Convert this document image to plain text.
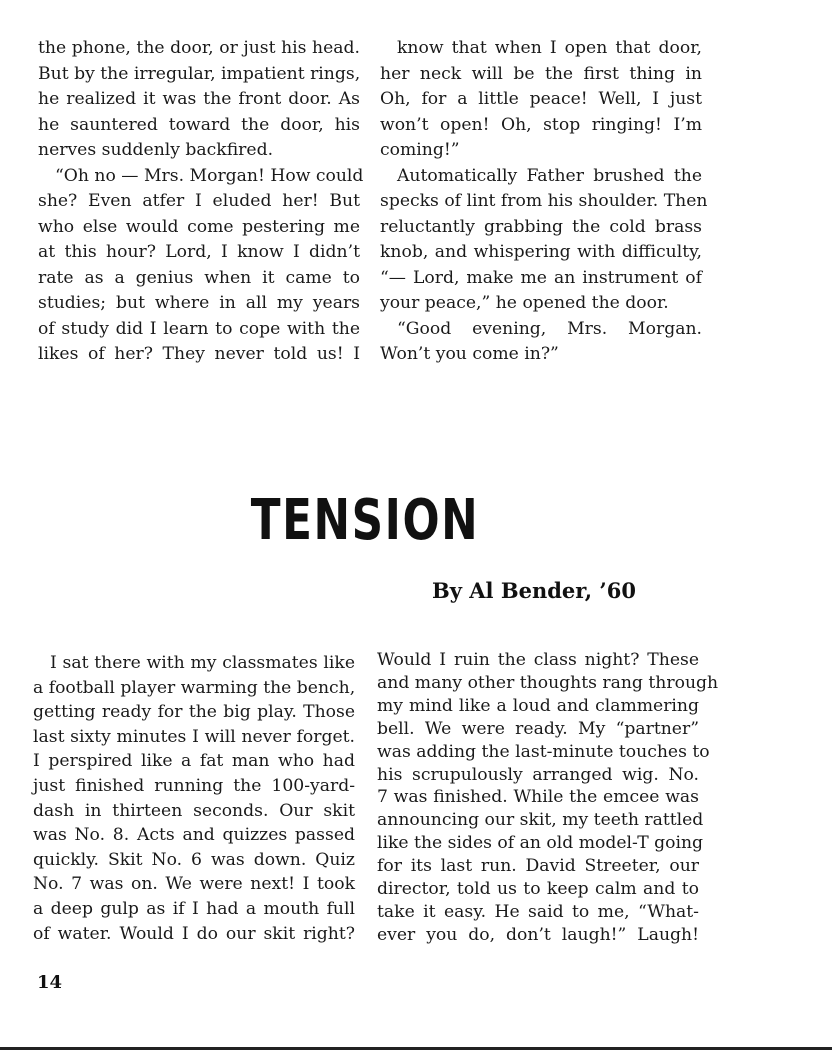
the phone, the door, or just his head.
But by the irregular, impatient rings,
he realized it was the front door. As
he sauntered toward the door, his
nerves suddenly backfired.
“Oh no — Mrs. Morgan! How could
she? Even atfer I eluded her! But
who else would come pestering me
at this hour? Lord, I know I didn’t
rate as a genius when it came to
studies; but where in all my years
of study did I learn to cope with the
likes of her? They never told us! I
know that when I open that door,
her neck will be the first thing in
Oh, for a little peace! Well, I just
won’t open! Oh, stop ringing! I’m
coming!”
Automatically Father brushed the
specks of lint from his shoulder. Then
reluctantly grabbing the cold brass
knob, and whispering with difficulty,
“— Lord, make me an instrument of
your peace,” he opened the door.
“Good evening, Mrs. Morgan.
Won’t you come in?”
TENSION
By Al Bender, ’60
I sat there with my classmates like
a football player warming the bench,
getting ready for the big play. Those
last sixty minutes I will never forget.
I perspired like a fat man who had
just finished running the 100-yard-
dash in thirteen seconds. Our skit
was No. 8. Acts and quizzes passed
quickly. Skit No. 6 was down. Quiz
No. 7 was on. We were next! I took
a deep gulp as if I had a mouth full
of water. Would I do our skit right?
Would I ruin the class night? These
and many other thoughts rang through
my mind like a loud and clammering
bell. We were ready. My “partner”
was adding the last-minute touches to
his scrupulously arranged wig. No.
7 was finished. While the emcee was
announcing our skit, my teeth rattled
like the sides of an old model-T going
for its last run. David Streeter, our
director, told us to keep calm and to
take it easy. He said to me, “What-
ever you do, don’t laugh!” Laugh!
14
